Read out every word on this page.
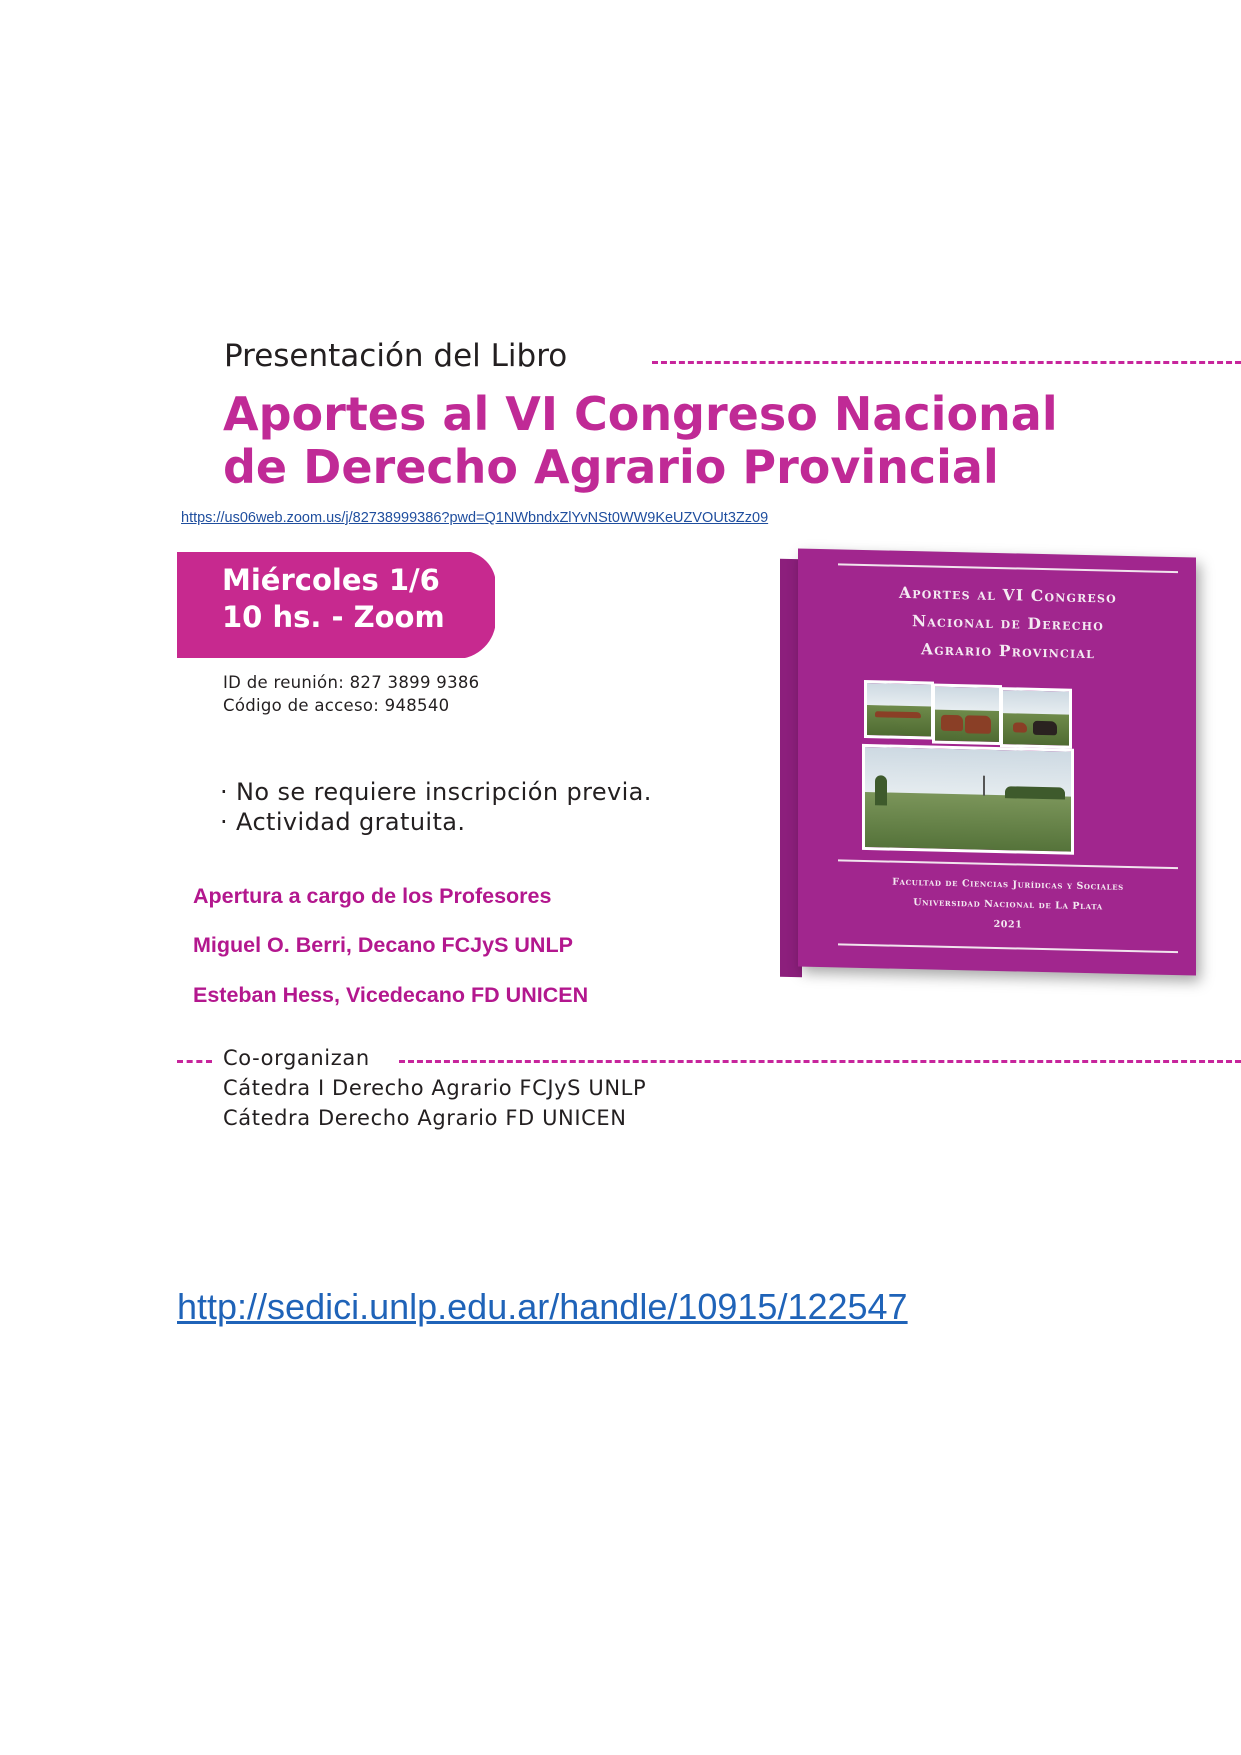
Presentación del Libro
Aportes al VI Congreso Nacional
de Derecho Agrario Provincial
https://us06web.zoom.us/j/82738999386?pwd=Q1NWbndxZlYvNSt0WW9KeUZVOUt3Zz09
Miércoles 1/6
10 hs. - Zoom
ID de reunión: 827 3899 9386
Código de acceso: 948540
· No se requiere inscripción previa.
· Actividad gratuita.
Apertura a cargo de los Profesores
Miguel O. Berri, Decano FCJyS UNLP
Esteban Hess, Vicedecano FD UNICEN
Co-organizan
Cátedra I Derecho Agrario FCJyS UNLP
Cátedra Derecho Agrario FD UNICEN
Aportes al VI Congreso
Nacional de Derecho
Agrario Provincial
Facultad de Ciencias Jurídicas y Sociales
Universidad Nacional de La Plata
2021
http://sedici.unlp.edu.ar/handle/10915/122547
